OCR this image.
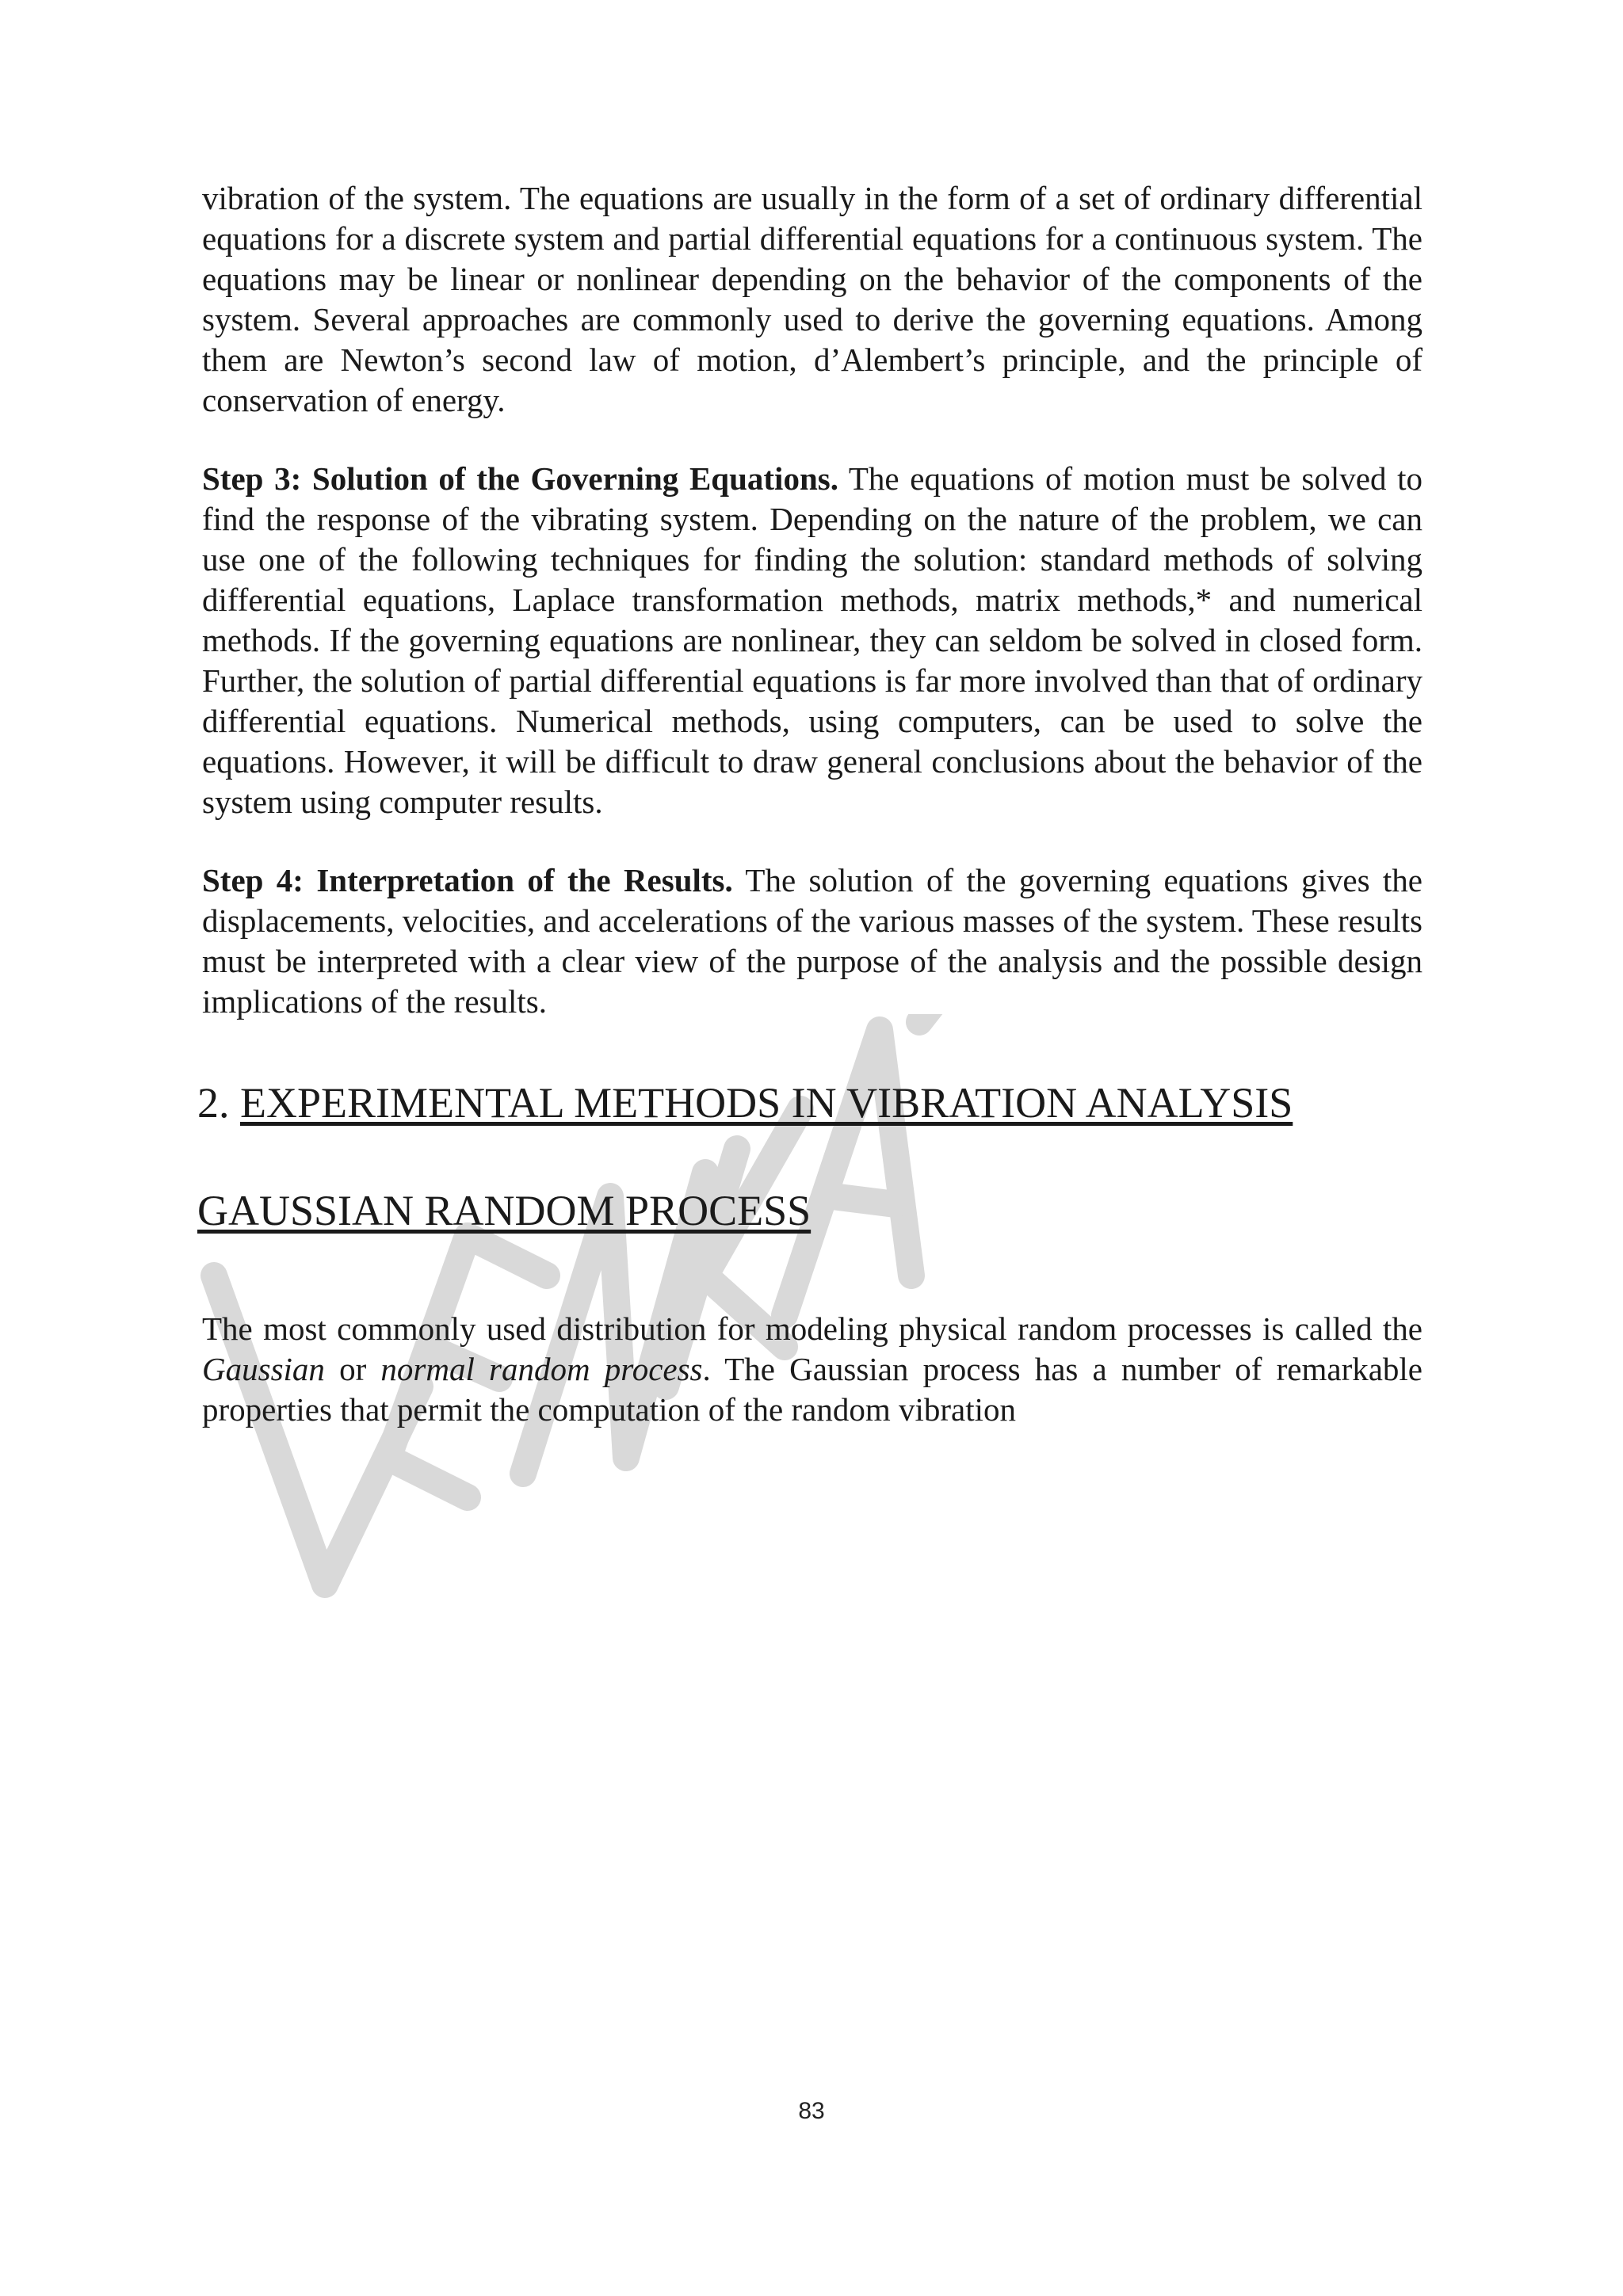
vibration of the system. The equations are usually in the form of a set of ordinary differential equations for a discrete system and partial differential equations for a continuous system. The equations may be linear or nonlinear depending on the behavior of the components of the system. Several approaches are commonly used to derive the governing equations. Among them are Newton’s second law of motion, d’Alembert’s principle, and the principle of conservation of energy.

Step 3: Solution of the Governing Equations. The equations of motion must be solved to find the response of the vibrating system. Depending on the nature of the problem, we can use one of the following techniques for finding the solution: standard methods of solving differential equations, Laplace transformation methods, matrix methods,* and numerical methods. If the governing equations are nonlinear, they can seldom be solved in closed form. Further, the solution of partial differential equations is far more involved than that of ordinary differential equations. Numerical methods, using computers, can be used to solve the equations. However, it will be difficult to draw general conclusions about the behavior of the system using computer results.

Step 4: Interpretation of the Results. The solution of the governing equations gives the displacements, velocities, and accelerations of the various masses of the system. These results must be interpreted with a clear view of the purpose of the analysis and the possible design implications of the results.

2. EXPERIMENTAL METHODS IN VIBRATION ANALYSIS
GAUSSIAN RANDOM PROCESS

The most commonly used distribution for modeling physical random processes is called the Gaussian or normal random process. The Gaussian process has a number of remarkable properties that permit the computation of the random vibration

83
